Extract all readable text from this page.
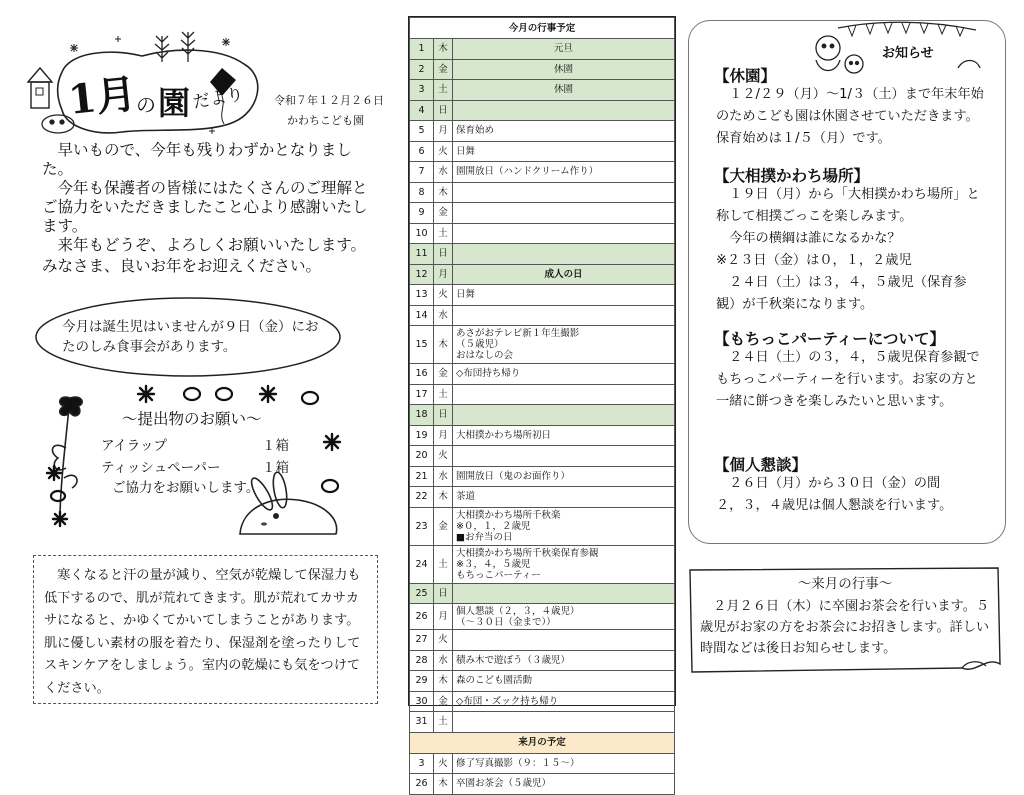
1月
の 園 だより	令和７年１２月２６日
かわちこども園

　早いもので、今年も残りわずかとなりました。

　今年も保護者の皆様にはたくさんのご理解とご協力をいただきましたこと心より感謝いたします。

　来年もどうぞ、よろしくお願いいたします。

みなさま、良いお年をお迎えください。

今月は誕生児はいませんが９日（金）におたのしみ食事会があります。
～提出物のお願い～
アイラップ	１箱
ティッシュペーパー	１箱
ご協力をお願いします。
　寒くなると汗の量が減り、空気が乾燥して保湿力も低下するので、肌が荒れてきます。肌が荒れてカサカサになると、かゆくてかいてしまうことがあります。肌に優しい素材の服を着たり、保湿剤を塗ったりしてスキンケアをしましょう。室内の乾燥にも気をつけてください。
今月の行事予定		
1	木	元旦
2	金	休園
3	土	休園
4	日	
5	月	保育始め
6	火	日舞
7	水	園開放日（ハンドクリーム作り）
8	木	
9	金	
10	土	
11	日	
12	月	成人の日
13	火	日舞
14	水	
15	木	あさがおテレビ新１年生撮影
（５歳児）
おはなしの会
16	金	◇布団持ち帰り
17	土	
18	日	
19	月	大相撲かわち場所初日
20	火	
21	水	園開放日（鬼のお面作り）
22	木	茶道
23	金	大相撲かわち場所千秋楽
※０，１，２歳児
■お弁当の日
24	土	大相撲かわち場所千秋楽保育参観
※３，４，５歳児
もちっこパーティー
25	日	
26	月	個人懇談（２，３，４歳児）
（～３０日（金まで））
27	火	
28	水	積み木で遊ぼう（３歳児）
29	木	森のこども園活動
30	金	◇布団・ズック持ち帰り
31	土	
来月の予定		
3	火	修了写真撮影（９：１５～）
26	木	卒園お茶会（５歳児）
お知らせ
【休園】
　１２/２９（月）～1/３（土）まで年末年始のためこども園は休園させていただきます。保育始めは１/５（月）です。
【大相撲かわち場所】
　１９日（月）から「大相撲かわち場所」と称して相撲ごっこを楽しみます。
　今年の横綱は誰になるかな？
※２３日（金）は０，１，２歳児
　２４日（土）は３，４，５歳児（保育参観）が千秋楽になります。
【もちっこパーティーについて】
　２４日（土）の３，４，５歳児保育参観でもちっこパーティーを行います。お家の方と一緒に餅つきを楽しみたいと思います。
【個人懇談】
　２６日（月）から３０日（金）の間
２，３，４歳児は個人懇談を行います。
～来月の行事～
　２月２６日（木）に卒園お茶会を行います。５歳児がお家の方をお茶会にお招きします。詳しい時間などは後日お知らせします。
